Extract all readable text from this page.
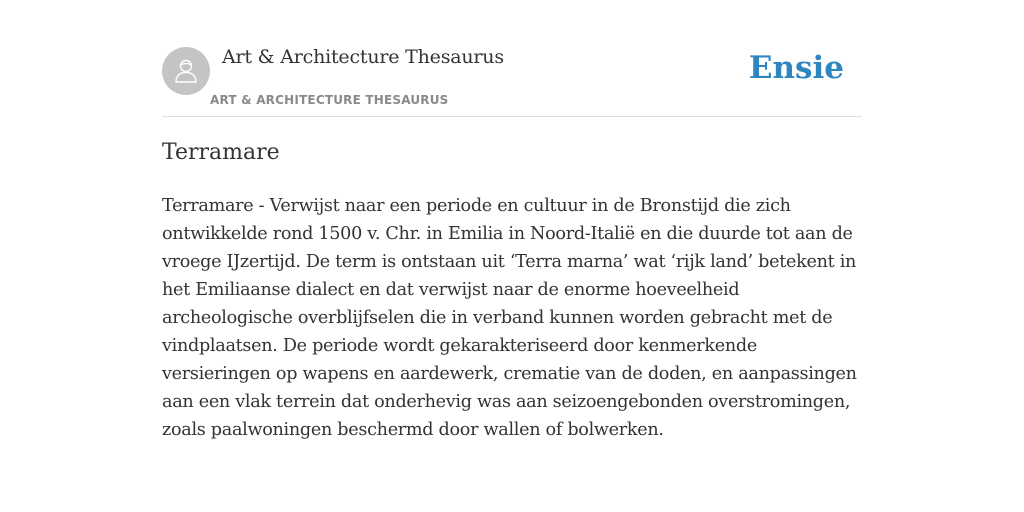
Art & Architecture Thesaurus
ART & ARCHITECTURE THESAURUS
Ensie
Terramare

Terramare - Verwijst naar een periode en cultuur in de Bronstijd die zich ontwikkelde rond 1500 v. Chr. in Emilia in Noord-Italië en die duurde tot aan de vroege IJzertijd. De term is ontstaan uit ‘Terra marna’ wat ‘rijk land’ betekent in het Emiliaanse dialect en dat verwijst naar de enorme hoeveelheid archeologische overblijfselen die in verband kunnen worden gebracht met de vindplaatsen. De periode wordt gekarakteriseerd door kenmerkende versieringen op wapens en aardewerk, crematie van de doden, en aanpassingen aan een vlak terrein dat onderhevig was aan seizoengebonden overstromingen, zoals paalwoningen beschermd door wallen of bolwerken.
